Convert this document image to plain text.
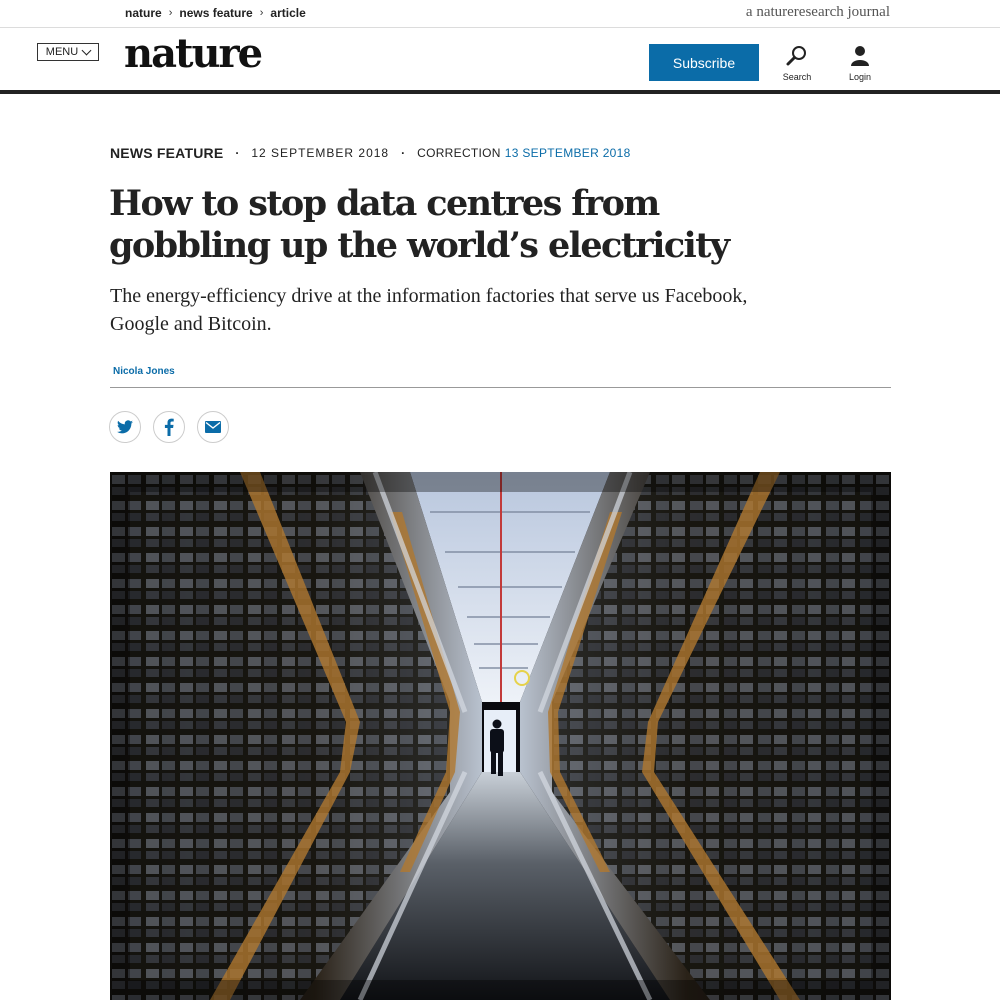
nature › news feature › article	a natureresearch journal
MENU nature	Subscribe
Search	Login
NEWS FEATURE · 12 SEPTEMBER 2018 · CORRECTION 13 SEPTEMBER 2018
How to stop data centres from gobbling up the world’s electricity

The energy-efficiency drive at the information factories that serve us Facebook, Google and Bitcoin.

Nicola Jones
